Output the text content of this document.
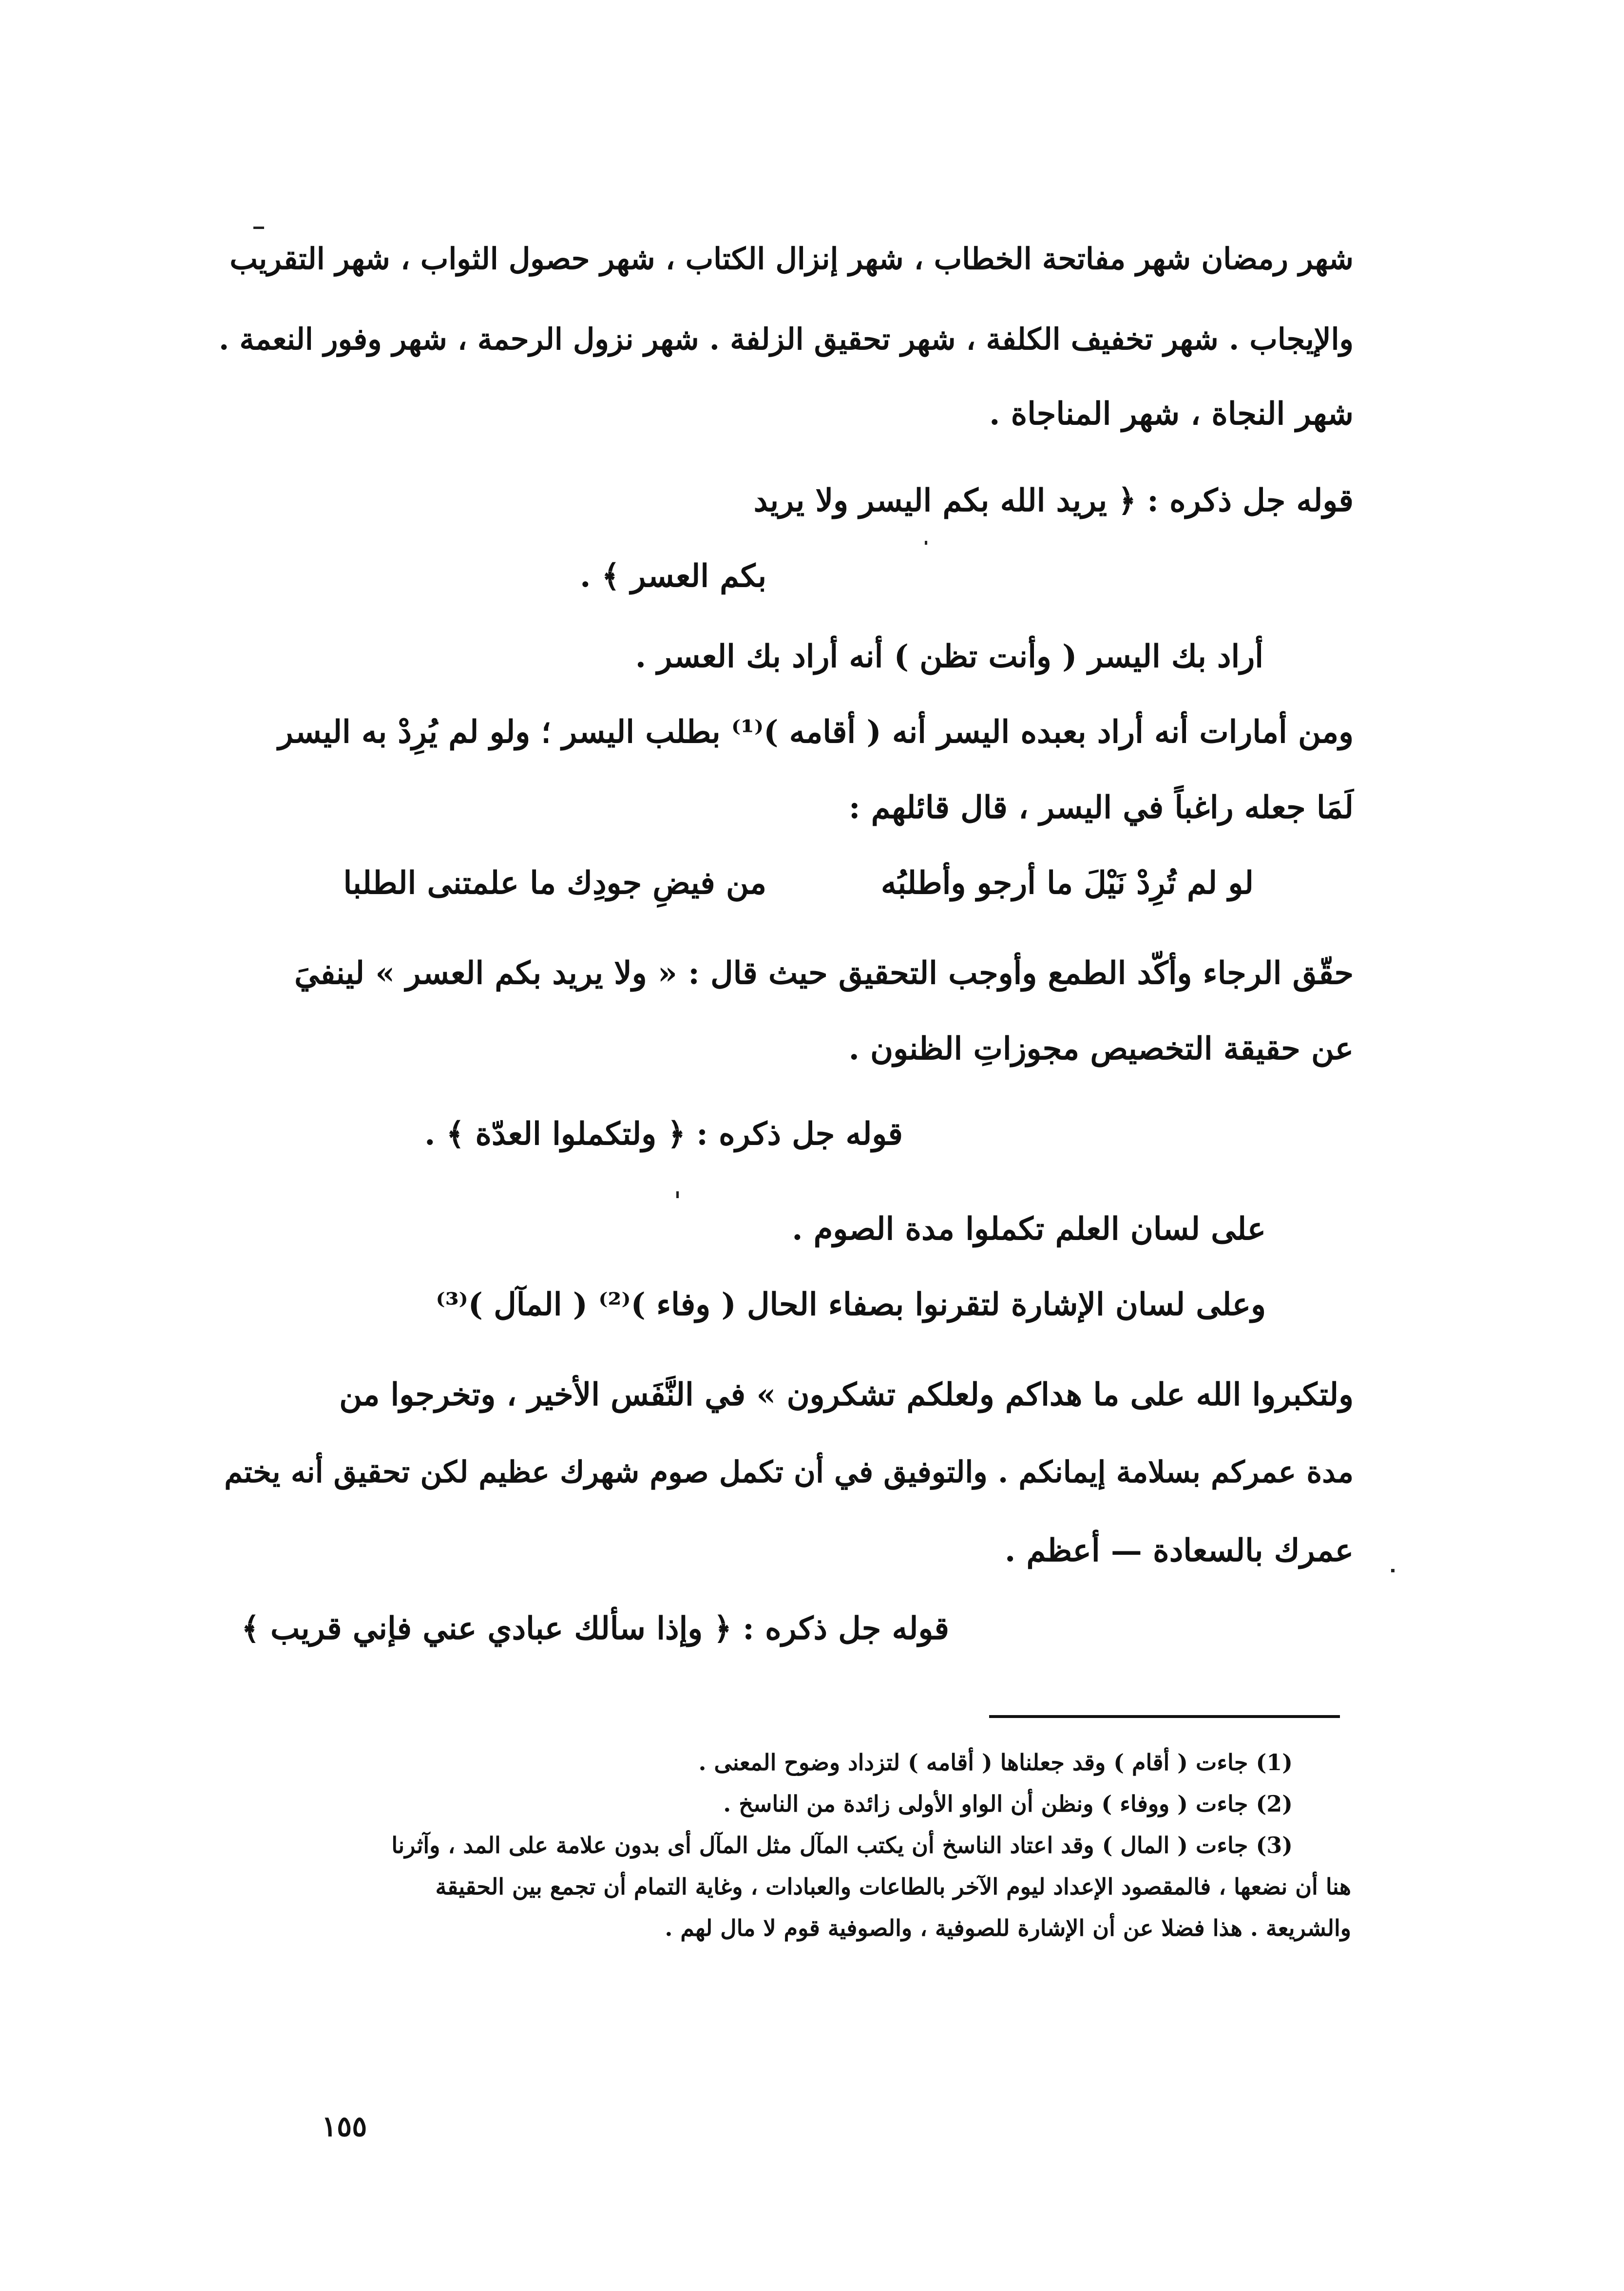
شهر رمضان شهر مفاتحة الخطاب ، شهر إنزال الكتاب ، شهر حصول الثواب ، شهر التقريب
والإيجاب . شهر تخفيف الكلفة ، شهر تحقيق الزلفة . شهر نزول الرحمة ، شهر وفور النعمة .
شهر النجاة ، شهر المناجاة .
قوله جل ذكره : ﴿ يريد الله بكم اليسر ولا يريد
بكم العسر ﴾ .
أراد بك اليسر ( وأنت تظن ) أنه أراد بك العسر .
ومن أمارات أنه أراد بعبده اليسر أنه ( أقامه )⁽¹⁾ بطلب اليسر ؛ ولو لم يُرِدْ به اليسر
لَمَا جعله راغباً في اليسر ، قال قائلهم :
لو لم تُرِدْ نَيْلَ ما أرجو وأطلبُه
من فيضِ جودِك ما علمتنى الطلبا
حقّق الرجاء وأكّد الطمع وأوجب التحقيق حيث قال : « ولا يريد بكم العسر » لينفيَ
عن حقيقة التخصيص مجوزاتِ الظنون .
قوله جل ذكره : ﴿ ولتكملوا العدّة ﴾ .
على لسان العلم تكملوا مدة الصوم .
وعلى لسان الإشارة لتقرنوا بصفاء الحال ( وفاء )⁽²⁾ ( المآل )⁽³⁾
ولتكبروا الله على ما هداكم ولعلكم تشكرون » في النَّفَس الأخير ، وتخرجوا من
مدة عمركم بسلامة إيمانكم . والتوفيق في أن تكمل صوم شهرك عظيم لكن تحقيق أنه يختم
عمرك بالسعادة — أعظم .
قوله جل ذكره : ﴿ وإذا سألك عبادي عني فإني قريب ﴾
(1) جاءت ( أقام ) وقد جعلناها ( أقامه ) لتزداد وضوح المعنى .
(2) جاءت ( ووفاء ) ونظن أن الواو الأولى زائدة من الناسخ .
(3) جاءت ( المال ) وقد اعتاد الناسخ أن يكتب المآل مثل المآل أى بدون علامة على المد ، وآثرنا
هنا أن نضعها ، فالمقصود الإعداد ليوم الآخر بالطاعات والعبادات ، وغاية التمام أن تجمع بين الحقيقة
والشريعة . هذا فضلا عن أن الإشارة للصوفية ، والصوفية قوم لا مال لهم .
١٥٥
